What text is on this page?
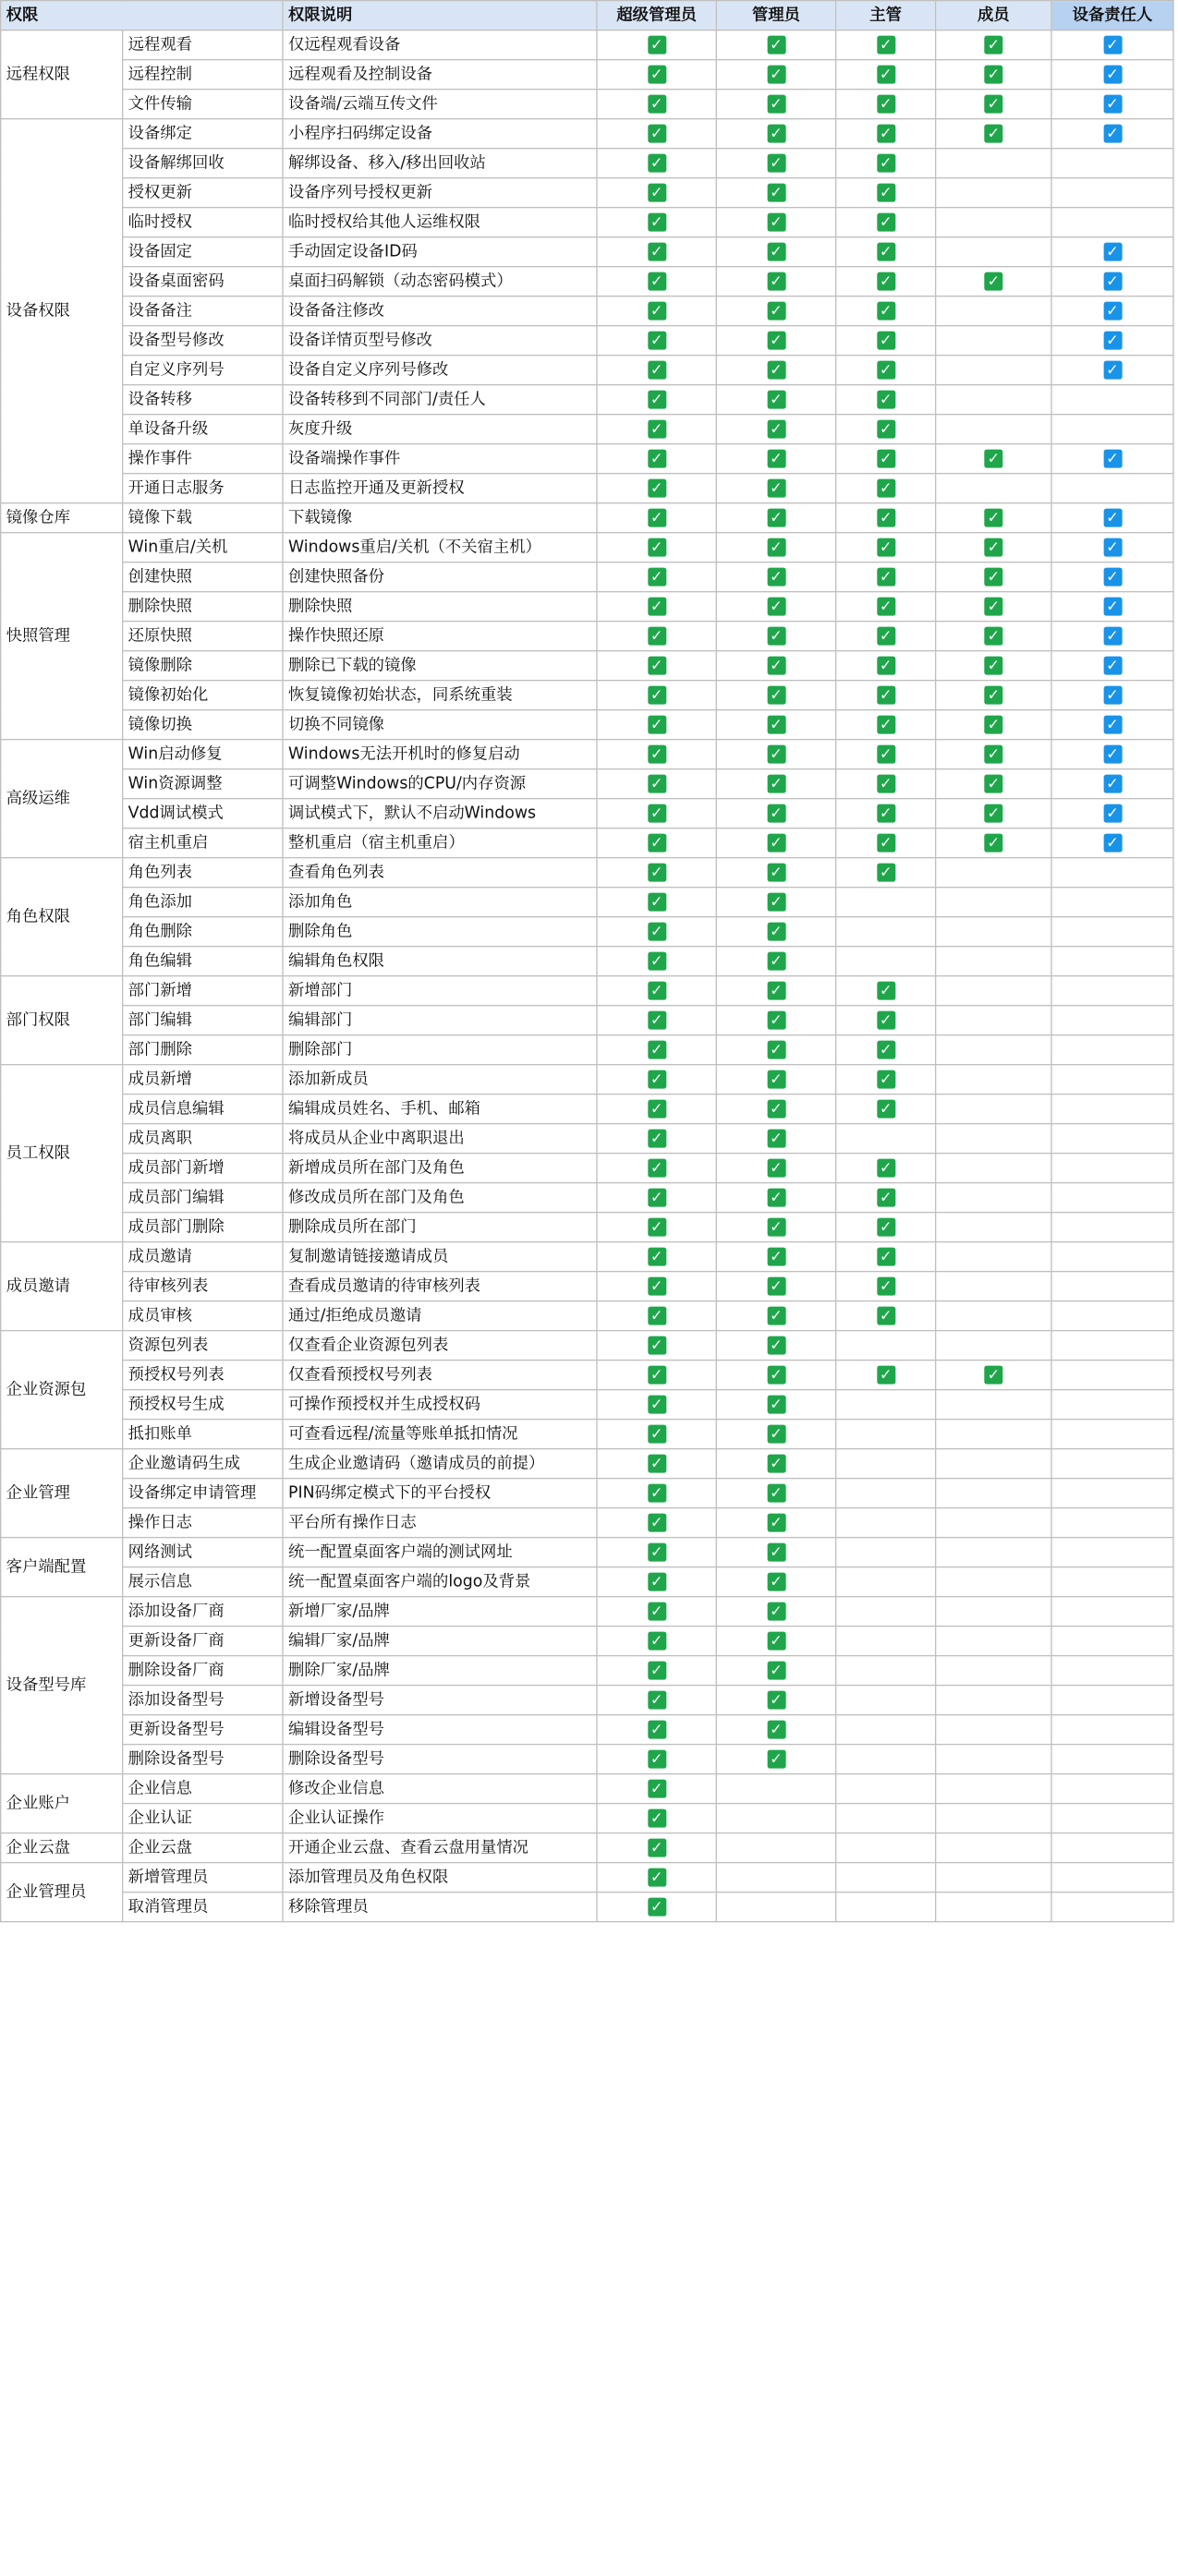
权限		权限说明	超级管理员	管理员	主管	成员	设备责任人
远程权限	远程观看	仅远程观看设备	✓	✓	✓	✓	✓
	远程控制	远程观看及控制设备	✓	✓	✓	✓	✓
	文件传输	设备端/云端互传文件	✓	✓	✓	✓	✓
设备权限	设备绑定	小程序扫码绑定设备	✓	✓	✓	✓	✓
	设备解绑回收	解绑设备、移入/移出回收站	✓	✓	✓		
	授权更新	设备序列号授权更新	✓	✓	✓		
	临时授权	临时授权给其他人运维权限	✓	✓	✓		
	设备固定	手动固定设备ID码	✓	✓	✓		✓
	设备桌面密码	桌面扫码解锁（动态密码模式）	✓	✓	✓	✓	✓
	设备备注	设备备注修改	✓	✓	✓		✓
	设备型号修改	设备详情页型号修改	✓	✓	✓		✓
	自定义序列号	设备自定义序列号修改	✓	✓	✓		✓
	设备转移	设备转移到不同部门/责任人	✓	✓	✓		
	单设备升级	灰度升级	✓	✓	✓		
	操作事件	设备端操作事件	✓	✓	✓	✓	✓
	开通日志服务	日志监控开通及更新授权	✓	✓	✓		
镜像仓库	镜像下载	下载镜像	✓	✓	✓	✓	✓
快照管理	Win重启/关机	Windows重启/关机（不关宿主机）	✓	✓	✓	✓	✓
	创建快照	创建快照备份	✓	✓	✓	✓	✓
	删除快照	删除快照	✓	✓	✓	✓	✓
	还原快照	操作快照还原	✓	✓	✓	✓	✓
	镜像删除	删除已下载的镜像	✓	✓	✓	✓	✓
	镜像初始化	恢复镜像初始状态，同系统重装	✓	✓	✓	✓	✓
	镜像切换	切换不同镜像	✓	✓	✓	✓	✓
高级运维	Win启动修复	Windows无法开机时的修复启动	✓	✓	✓	✓	✓
	Win资源调整	可调整Windows的CPU/内存资源	✓	✓	✓	✓	✓
	Vdd调试模式	调试模式下，默认不启动Windows	✓	✓	✓	✓	✓
	宿主机重启	整机重启（宿主机重启）	✓	✓	✓	✓	✓
角色权限	角色列表	查看角色列表	✓	✓	✓		
	角色添加	添加角色	✓	✓			
	角色删除	删除角色	✓	✓			
	角色编辑	编辑角色权限	✓	✓			
部门权限	部门新增	新增部门	✓	✓	✓		
	部门编辑	编辑部门	✓	✓	✓		
	部门删除	删除部门	✓	✓	✓		
员工权限	成员新增	添加新成员	✓	✓	✓		
	成员信息编辑	编辑成员姓名、手机、邮箱	✓	✓	✓		
	成员离职	将成员从企业中离职退出	✓	✓			
	成员部门新增	新增成员所在部门及角色	✓	✓	✓		
	成员部门编辑	修改成员所在部门及角色	✓	✓	✓		
	成员部门删除	删除成员所在部门	✓	✓	✓		
成员邀请	成员邀请	复制邀请链接邀请成员	✓	✓	✓		
	待审核列表	查看成员邀请的待审核列表	✓	✓	✓		
	成员审核	通过/拒绝成员邀请	✓	✓	✓		
企业资源包	资源包列表	仅查看企业资源包列表	✓	✓			
	预授权号列表	仅查看预授权号列表	✓	✓	✓	✓	
	预授权号生成	可操作预授权并生成授权码	✓	✓			
	抵扣账单	可查看远程/流量等账单抵扣情况	✓	✓			
企业管理	企业邀请码生成	生成企业邀请码（邀请成员的前提）	✓	✓			
	设备绑定申请管理	PIN码绑定模式下的平台授权	✓	✓			
	操作日志	平台所有操作日志	✓	✓			
客户端配置	网络测试	统一配置桌面客户端的测试网址	✓	✓			
	展示信息	统一配置桌面客户端的logo及背景	✓	✓			
设备型号库	添加设备厂商	新增厂家/品牌	✓	✓			
	更新设备厂商	编辑厂家/品牌	✓	✓			
	删除设备厂商	删除厂家/品牌	✓	✓			
	添加设备型号	新增设备型号	✓	✓			
	更新设备型号	编辑设备型号	✓	✓			
	删除设备型号	删除设备型号	✓	✓			
企业账户	企业信息	修改企业信息	✓				
	企业认证	企业认证操作	✓				
企业云盘	企业云盘	开通企业云盘、查看云盘用量情况	✓				
企业管理员	新增管理员	添加管理员及角色权限	✓				
	取消管理员	移除管理员	✓				
